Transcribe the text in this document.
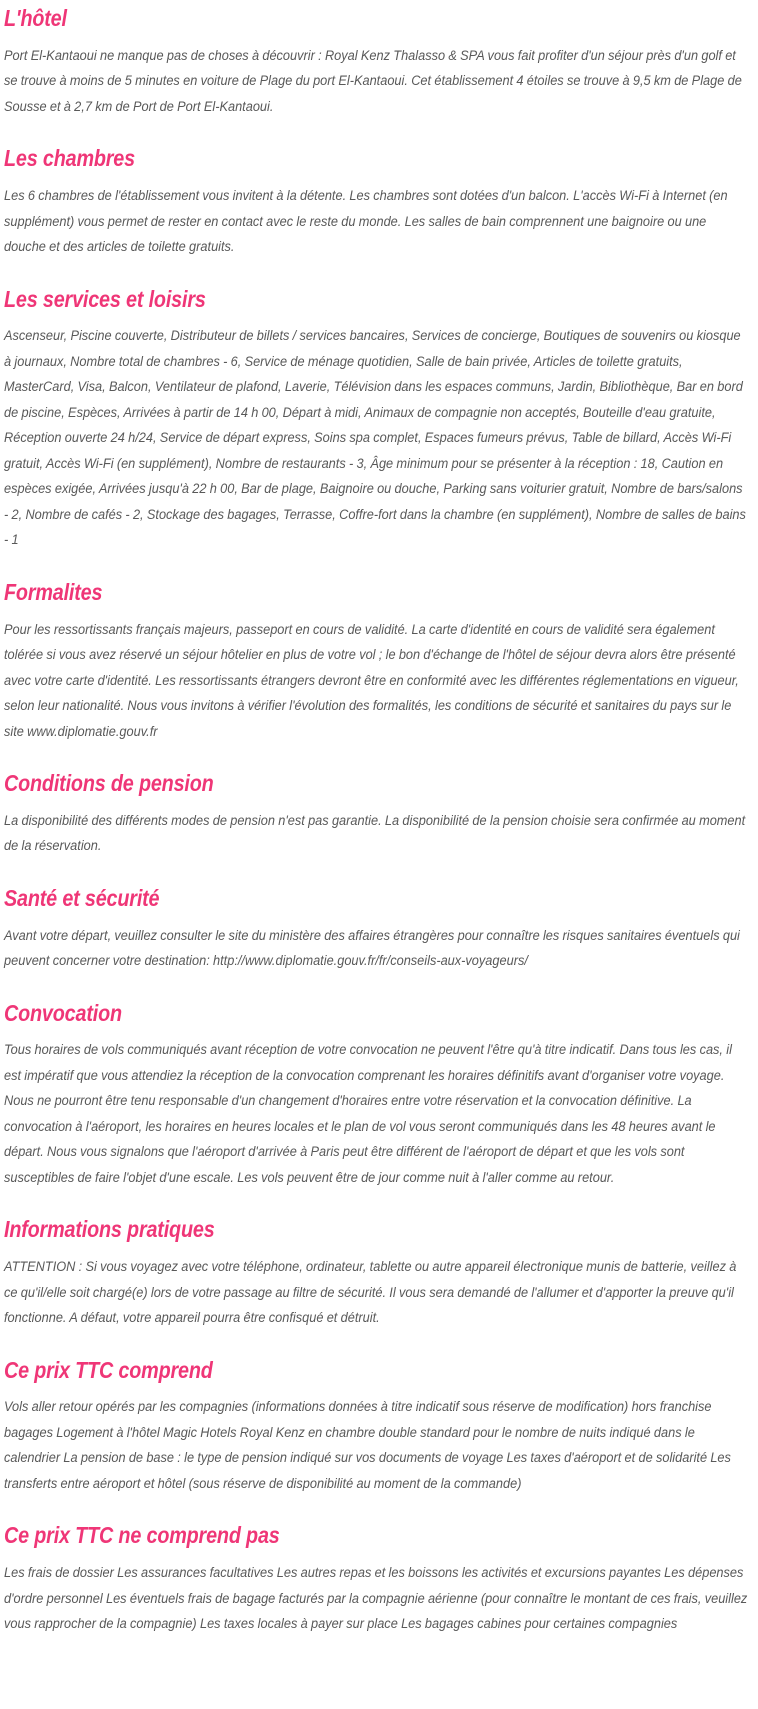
L'hôtel

Port El-Kantaoui ne manque pas de choses à découvrir : Royal Kenz Thalasso & SPA vous fait profiter d'un séjour près d'un golf et se trouve à moins de 5 minutes en voiture de Plage du port El-Kantaoui. Cet établissement 4 étoiles se trouve à 9,5 km de Plage de Sousse et à 2,7 km de Port de Port El-Kantaoui.

Les chambres

Les 6 chambres de l'établissement vous invitent à la détente. Les chambres sont dotées d'un balcon. L'accès Wi-Fi à Internet (en supplément) vous permet de rester en contact avec le reste du monde. Les salles de bain comprennent une baignoire ou une douche et des articles de toilette gratuits.

Les services et loisirs

Ascenseur, Piscine couverte, Distributeur de billets / services bancaires, Services de concierge, Boutiques de souvenirs ou kiosque à journaux, Nombre total de chambres - 6, Service de ménage quotidien, Salle de bain privée, Articles de toilette gratuits, MasterCard, Visa, Balcon, Ventilateur de plafond, Laverie, Télévision dans les espaces communs, Jardin, Bibliothèque, Bar en bord de piscine, Espèces, Arrivées à partir de 14 h 00, Départ à midi, Animaux de compagnie non acceptés, Bouteille d'eau gratuite, Réception ouverte 24 h/24, Service de départ express, Soins spa complet, Espaces fumeurs prévus, Table de billard, Accès Wi-Fi gratuit, Accès Wi-Fi (en supplément), Nombre de restaurants - 3, Âge minimum pour se présenter à la réception : 18, Caution en espèces exigée, Arrivées jusqu'à 22 h 00, Bar de plage, Baignoire ou douche, Parking sans voiturier gratuit, Nombre de bars/salons - 2, Nombre de cafés - 2, Stockage des bagages, Terrasse, Coffre-fort dans la chambre (en supplément), Nombre de salles de bains - 1

Formalites

Pour les ressortissants français majeurs, passeport en cours de validité. La carte d'identité en cours de validité sera également tolérée si vous avez réservé un séjour hôtelier en plus de votre vol ; le bon d'échange de l'hôtel de séjour devra alors être présenté avec votre carte d'identité. Les ressortissants étrangers devront être en conformité avec les différentes réglementations en vigueur, selon leur nationalité. Nous vous invitons à vérifier l'évolution des formalités, les conditions de sécurité et sanitaires du pays sur le site www.diplomatie.gouv.fr

Conditions de pension

La disponibilité des différents modes de pension n'est pas garantie. La disponibilité de la pension choisie sera confirmée au moment de la réservation.

Santé et sécurité

Avant votre départ, veuillez consulter le site du ministère des affaires étrangères pour connaître les risques sanitaires éventuels qui peuvent concerner votre destination: http://www.diplomatie.gouv.fr/fr/conseils-aux-voyageurs/

Convocation

Tous horaires de vols communiqués avant réception de votre convocation ne peuvent l'être qu'à titre indicatif. Dans tous les cas, il est impératif que vous attendiez la réception de la convocation comprenant les horaires définitifs avant d'organiser votre voyage. Nous ne pourront être tenu responsable d'un changement d'horaires entre votre réservation et la convocation définitive. La convocation à l'aéroport, les horaires en heures locales et le plan de vol vous seront communiqués dans les 48 heures avant le départ. Nous vous signalons que l'aéroport d'arrivée à Paris peut être différent de l'aéroport de départ et que les vols sont susceptibles de faire l'objet d'une escale. Les vols peuvent être de jour comme nuit à l'aller comme au retour.

Informations pratiques

ATTENTION : Si vous voyagez avec votre téléphone, ordinateur, tablette ou autre appareil électronique munis de batterie, veillez à ce qu'il/elle soit chargé(e) lors de votre passage au filtre de sécurité. Il vous sera demandé de l'allumer et d'apporter la preuve qu'il fonctionne. A défaut, votre appareil pourra être confisqué et détruit.

Ce prix TTC comprend

Vols aller retour opérés par les compagnies (informations données à titre indicatif sous réserve de modification) hors franchise bagages Logement à l'hôtel Magic Hotels Royal Kenz en chambre double standard pour le nombre de nuits indiqué dans le calendrier La pension de base : le type de pension indiqué sur vos documents de voyage Les taxes d'aéroport et de solidarité Les transferts entre aéroport et hôtel (sous réserve de disponibilité au moment de la commande)

Ce prix TTC ne comprend pas

Les frais de dossier Les assurances facultatives Les autres repas et les boissons les activités et excursions payantes Les dépenses d'ordre personnel Les éventuels frais de bagage facturés par la compagnie aérienne (pour connaître le montant de ces frais, veuillez vous rapprocher de la compagnie) Les taxes locales à payer sur place Les bagages cabines pour certaines compagnies
